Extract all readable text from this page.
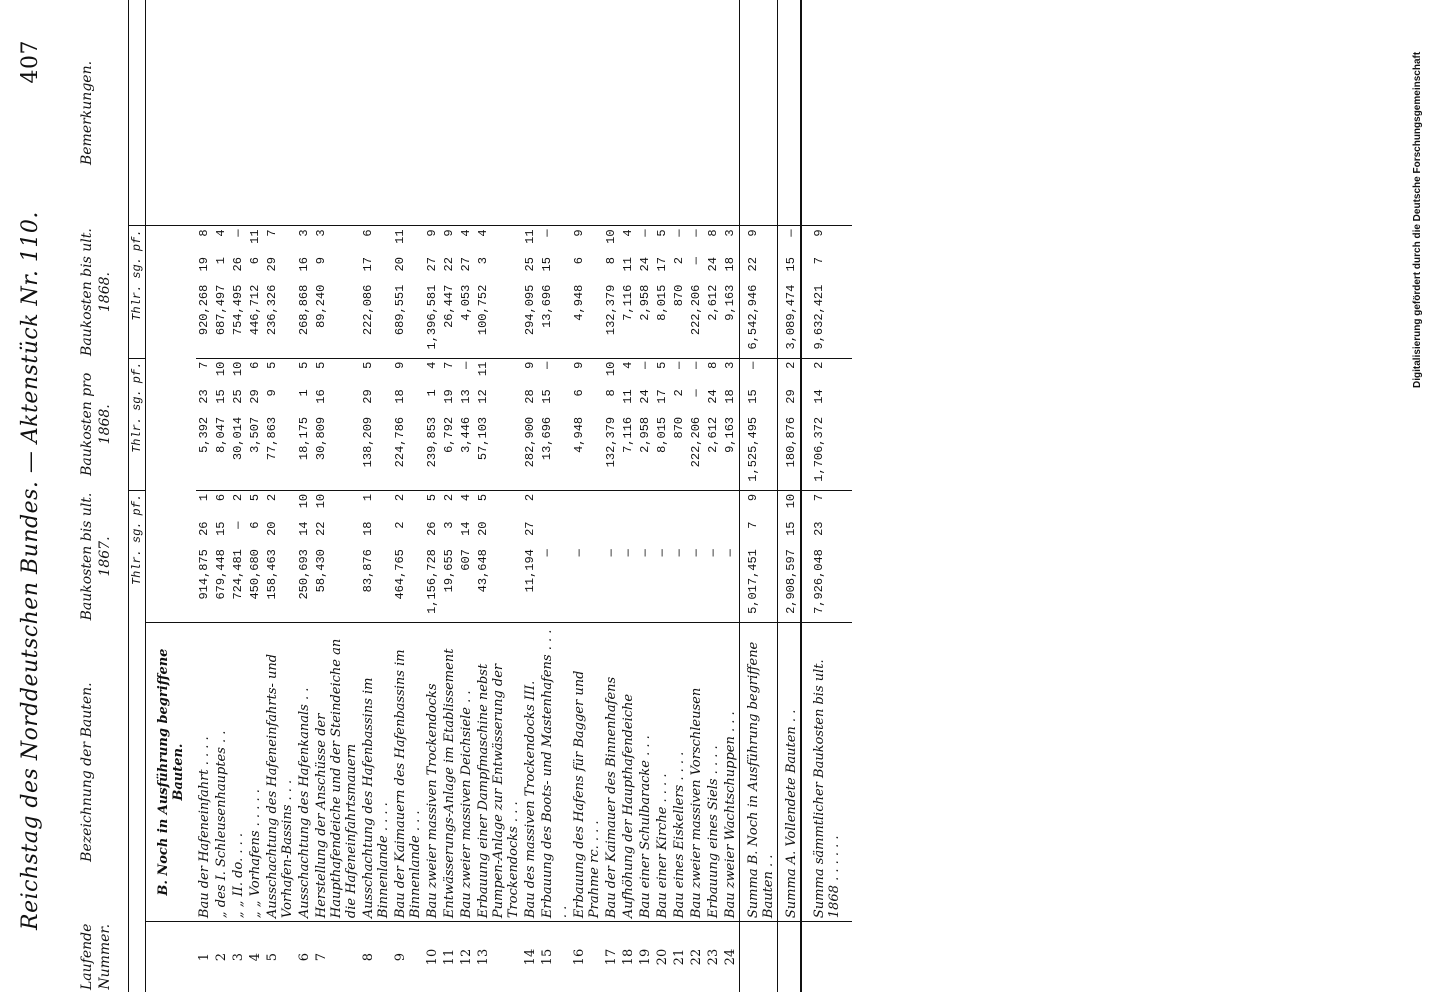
Reichstag des Norddeutschen Bundes. — Aktenstück Nr. 110.
407
Laufende Nummer.	Bezeichnung der Bauten.	Baukosten bis ult. 1867.			Baukosten pro 1868.			Baukosten bis ult. 1868.			Bemerkungen.
		Thlr.	sg.	pf.	Thlr.	sg.	pf.	Thlr.	sg.	pf.	
	B. Noch in Ausführung begriffene Bauten.										
1	Bau der Hafeneinfahrt . . . .	914,875	26	1	5,392	23	7	920,268	19	8	
2	„ des I. Schleusenhauptes . .	679,448	15	6	8,047	15	10	687,497	1	4	
3	„ „ II. do. . . .	724,481	—	2	30,014	25	10	754,495	26	—	
4	„ „ Vorhafens . . . . .	450,680	6	5	3,507	29	6	446,712	6	11	
5	Ausschachtung des Hafeneinfahrts- und Vorhafen-Bassins . . .	158,463	20	2	77,863	9	5	236,326	29	7	
6	Ausschachtung des Hafenkanals . .	250,693	14	10	18,175	1	5	268,868	16	3	
7	Herstellung der Anschüsse der Haupthafendeiche und der Steindeiche an die Hafeneinfahrtsmauern	58,430	22	10	30,809	16	5	89,240	9	3	
8	Ausschachtung des Hafenbassins im Binnenlande . . . .	83,876	18	1	138,209	29	5	222,086	17	6	
9	Bau der Kaimauern des Hafenbassins im Binnenlande . . .	464,765	2	2	224,786	18	9	689,551	20	11	
10	Bau zweier massiven Trockendocks	1,156,728	26	5	239,853	1	4	1,396,581	27	9	
11	Entwässerungs-Anlage im Etablissement	19,655	3	2	6,792	19	7	26,447	22	9	
12	Bau zweier massiven Deichsiele . .	607	14	4	3,446	13	—	4,053	27	4	
13	Erbauung einer Dampfmaschine nebst Pumpen-Anlage zur Entwässerung der Trockendocks . . .	43,648	20	5	57,103	12	11	100,752	3	4	
14	Bau des massiven Trockendocks III.	11,194	27	2	282,900	28	9	294,095	25	11	
15	Erbauung des Boots- und Mastenhafens . . . . .	—			13,696	15	—	13,696	15	—	
16	Erbauung des Hafens für Bagger und Prahme rc. . . .	—			4,948	6	9	4,948	6	9	
17	Bau der Kaimauer des Binnenhafens	—			132,379	8	10	132,379	8	10	
18	Aufhöhung der Haupthafendeiche	—			7,116	11	4	7,116	11	4	
19	Bau einer Schulbaracke . . .	—			2,958	24	—	2,958	24	—	
20	Bau einer Kirche . . . .	—			8,015	17	5	8,015	17	5	
21	Bau eines Eiskellers . . . .	—			870	2	—	870	2	—	
22	Bau zweier massiven Vorschleusen	—			222,206	—	—	222,206	—	—	
23	Erbauung eines Siels . . . .	—			2,612	24	8	2,612	24	8	
24	Bau zweier Wachtschuppen . . .	—			9,163	18	3	9,163	18	3	
	Summa B. Noch in Ausführung begriffene Bauten . .	5,017,451	7	9	1,525,495	15	—	6,542,946	22	9	
	Summa A. Vollendete Bauten . .	2,908,597	15	10	180,876	29	2	3,089,474	15	—	
	Summa sämmtlicher Baukosten bis ult. 1868 . . . . . .	7,926,048	23	7	1,706,372	14	2	9,632,421	7	9		Digitalisierung gefördert durch die Deutsche Forschungsgemeinschaft
